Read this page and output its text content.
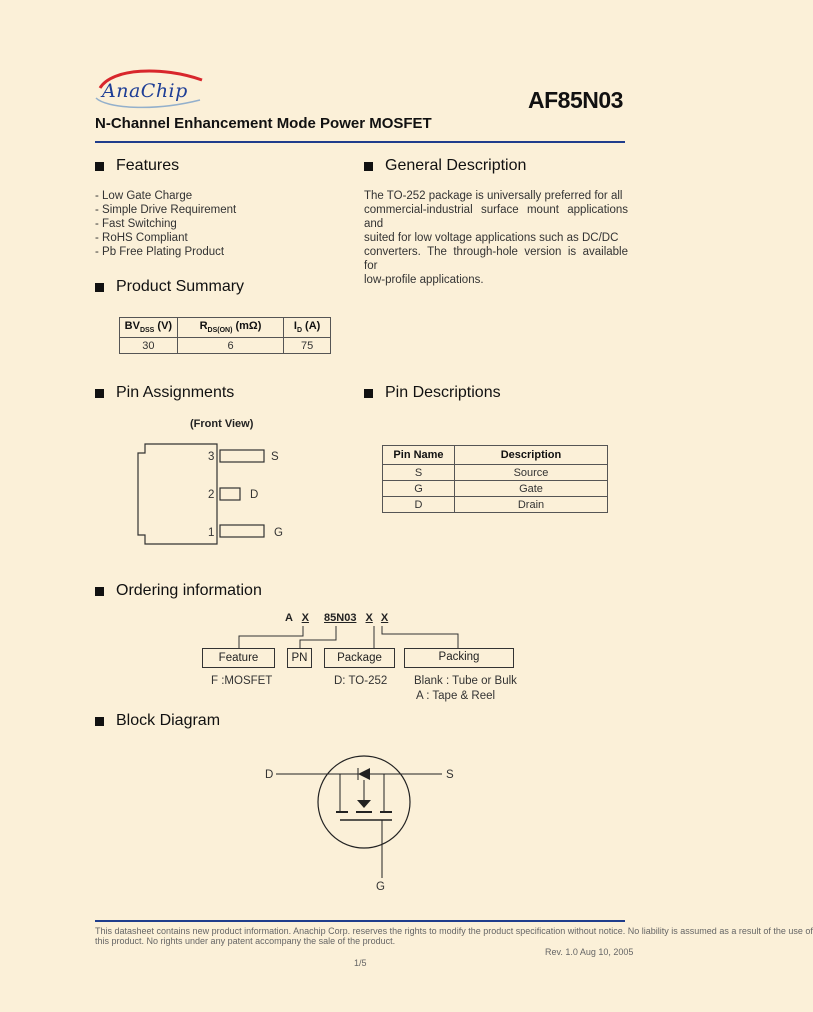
AnaChip	AF85N03
N-Channel Enhancement Mode Power MOSFET
Features
- Low Gate Charge
- Simple Drive Requirement
- Fast Switching
- RoHS Compliant
- Pb Free Plating Product
General Description
The TO-252 package is universally preferred for all
commercial-industrial surface mount applications and
suited for low voltage applications such as DC/DC
converters. The through-hole version is available for
low-profile applications.
Product Summary
$BV_{DSS}$ (V)	$R_{DS(ON)}$ (mΩ)	$I_D$ (A)
30	6	75
Pin Assignments
(Front View)
3	S
2	D
1	G
Pin Descriptions
Pin Name	Description
S	Source
G	Gate
D	Drain
Ordering information
A X 85N03 X X
Feature	PN	Package	Packing
F :MOSFET	D: TO-252 Blank : Tube or Bulk
A : Tape & Reel
Block Diagram
D	S
G
This datasheet contains new product information. Anachip Corp. reserves the rights to modify the product specification without notice. No liability is assumed as a result of the use of
this product. No rights under any patent accompany the sale of the product.
Rev. 1.0 Aug 10, 2005
1/5
